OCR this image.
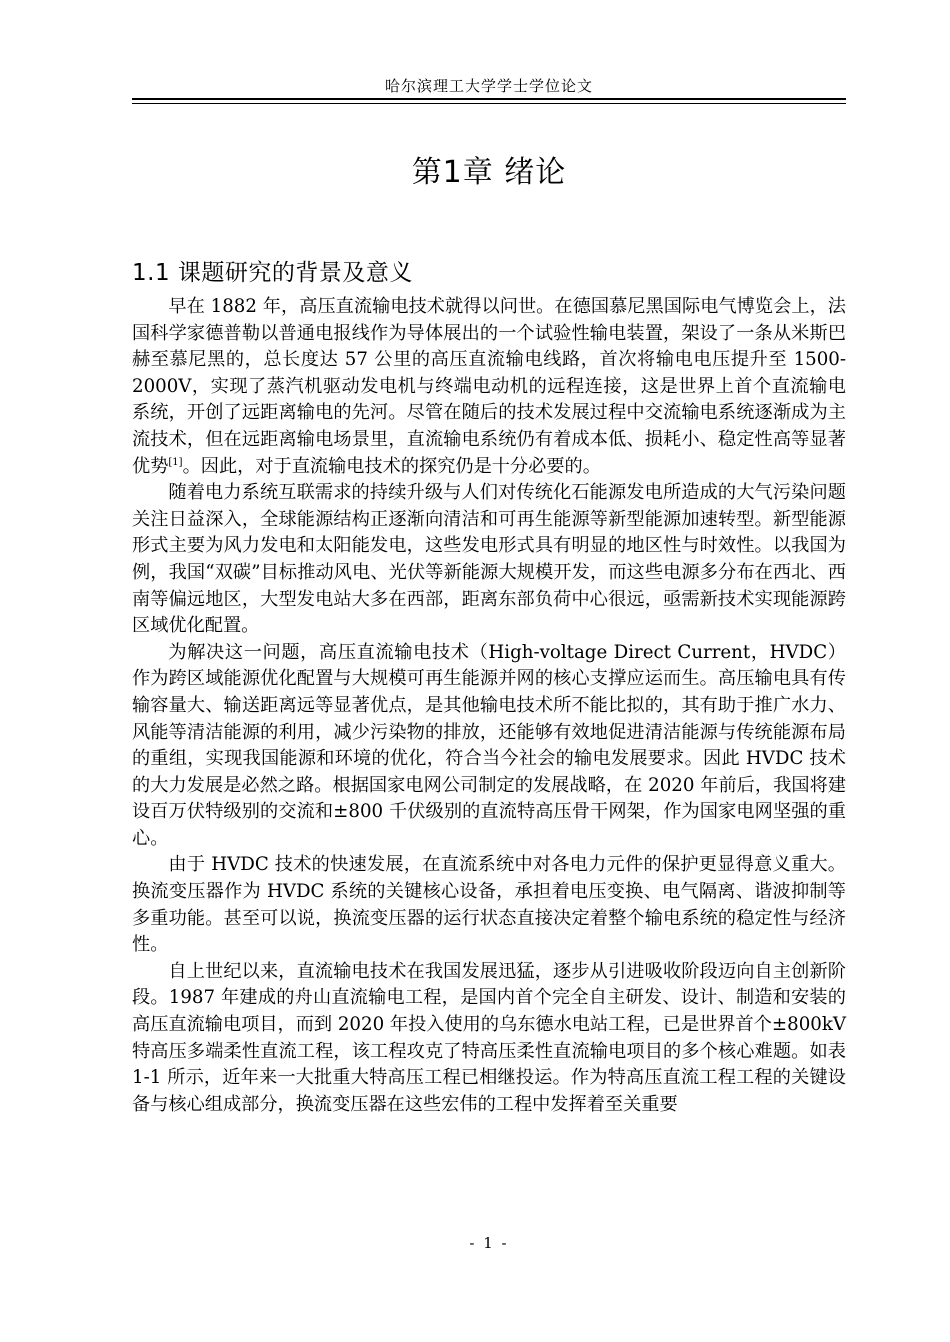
哈尔滨理工大学学士学位论文
第1章 绪论
1.1 课题研究的背景及意义

早在 1882 年，高压直流输电技术就得以问世。在德国慕尼黑国际电气博览会上，法国科学家德普勒以普通电报线作为导体展出的一个试验性输电装置，架设了一条从米斯巴赫至慕尼黑的，总长度达 57 公里的高压直流输电线路，首次将输电电压提升至 1500-2000V，实现了蒸汽机驱动发电机与终端电动机的远程连接，这是世界上首个直流输电系统，开创了远距离输电的先河。尽管在随后的技术发展过程中交流输电系统逐渐成为主流技术，但在远距离输电场景里，直流输电系统仍有着成本低、损耗小、稳定性高等显著优势[1]。因此，对于直流输电技术的探究仍是十分必要的。

随着电力系统互联需求的持续升级与人们对传统化石能源发电所造成的大气污染问题关注日益深入，全球能源结构正逐渐向清洁和可再生能源等新型能源加速转型。新型能源形式主要为风力发电和太阳能发电，这些发电形式具有明显的地区性与时效性。以我国为例，我国“双碳”目标推动风电、光伏等新能源大规模开发，而这些电源多分布在西北、西南等偏远地区，大型发电站大多在西部，距离东部负荷中心很远，亟需新技术实现能源跨区域优化配置。

为解决这一问题，高压直流输电技术（High-voltage Direct Current，HVDC）作为跨区域能源优化配置与大规模可再生能源并网的核心支撑应运而生。高压输电具有传输容量大、输送距离远等显著优点，是其他输电技术所不能比拟的，其有助于推广水力、风能等清洁能源的利用，减少污染物的排放，还能够有效地促进清洁能源与传统能源布局的重组，实现我国能源和环境的优化，符合当今社会的输电发展要求。因此 HVDC 技术的大力发展是必然之路。根据国家电网公司制定的发展战略，在 2020 年前后，我国将建设百万伏特级别的交流和±800 千伏级别的直流特高压骨干网架，作为国家电网坚强的重心。

由于 HVDC 技术的快速发展，在直流系统中对各电力元件的保护更显得意义重大。换流变压器作为 HVDC 系统的关键核心设备，承担着电压变换、电气隔离、谐波抑制等多重功能。甚至可以说，换流变压器的运行状态直接决定着整个输电系统的稳定性与经济性。

自上世纪以来，直流输电技术在我国发展迅猛，逐步从引进吸收阶段迈向自主创新阶段。1987 年建成的舟山直流输电工程，是国内首个完全自主研发、设计、制造和安装的高压直流输电项目，而到 2020 年投入使用的乌东德水电站工程，已是世界首个±800kV 特高压多端柔性直流工程，该工程攻克了特高压柔性直流输电项目的多个核心难题。如表 1-1 所示，近年来一大批重大特高压工程已相继投运。作为特高压直流工程工程的关键设备与核心组成部分，换流变压器在这些宏伟的工程中发挥着至关重要

- 1 -
